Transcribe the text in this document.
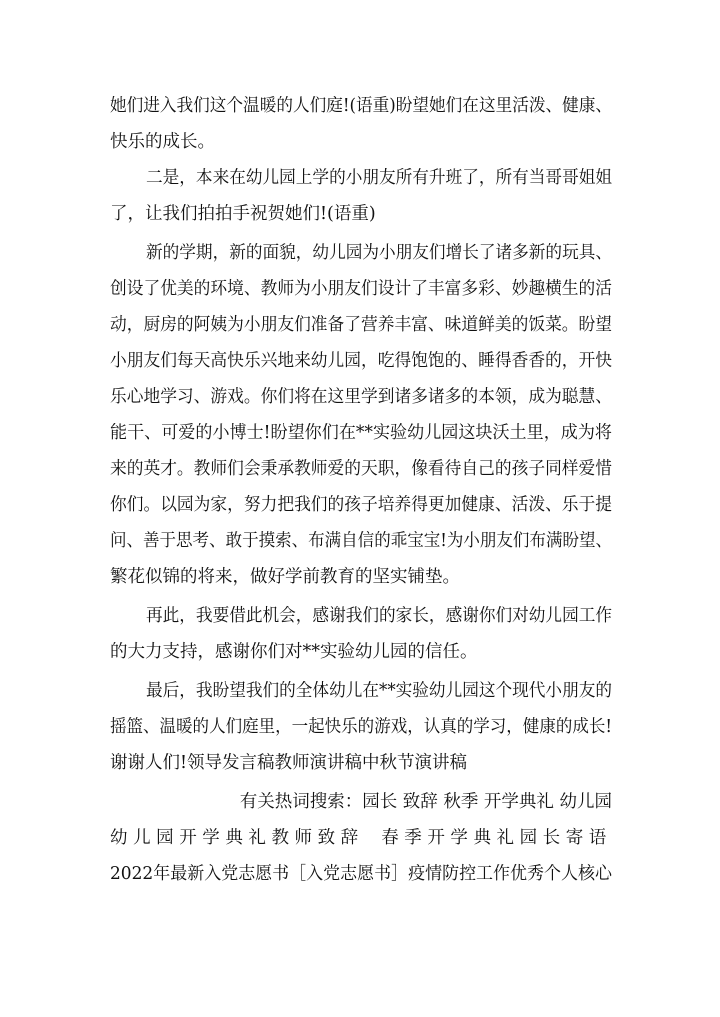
她们进入我们这个温暖的人们庭!(语重)盼望她们在这里活泼、健康、
快乐的成长。
二是，本来在幼儿园上学的小朋友所有升班了，所有当哥哥姐姐
了，让我们拍拍手祝贺她们!(语重)
新的学期，新的面貌，幼儿园为小朋友们增长了诸多新的玩具、
创设了优美的环境、教师为小朋友们设计了丰富多彩、妙趣横生的活
动，厨房的阿姨为小朋友们准备了营养丰富、味道鲜美的饭菜。盼望
小朋友们每天高快乐兴地来幼儿园，吃得饱饱的、睡得香香的，开快
乐心地学习、游戏。你们将在这里学到诸多诸多的本领，成为聪慧、
能干、可爱的小博士!盼望你们在**实验幼儿园这块沃土里，成为将
来的英才。教师们会秉承教师爱的天职，像看待自己的孩子同样爱惜
你们。以园为家，努力把我们的孩子培养得更加健康、活泼、乐于提
问、善于思考、敢于摸索、布满自信的乖宝宝!为小朋友们布满盼望、
繁花似锦的将来，做好学前教育的坚实铺垫。
再此，我要借此机会，感谢我们的家长，感谢你们对幼儿园工作
的大力支持，感谢你们对**实验幼儿园的信任。
最后，我盼望我们的全体幼儿在**实验幼儿园这个现代小朋友的
摇篮、温暖的人们庭里，一起快乐的游戏，认真的学习，健康的成长!
谢谢人们!领导发言稿教师演讲稿中秋节演讲稿
有关热词搜索：园长 致辞 秋季 开学典礼 幼儿园
幼 儿 园 开 学 典 礼 教 师 致 辞　 春 季 开 学 典 礼 园 长 寄 语
2022年最新入党志愿书［入党志愿书］疫情防控工作优秀个人核心
